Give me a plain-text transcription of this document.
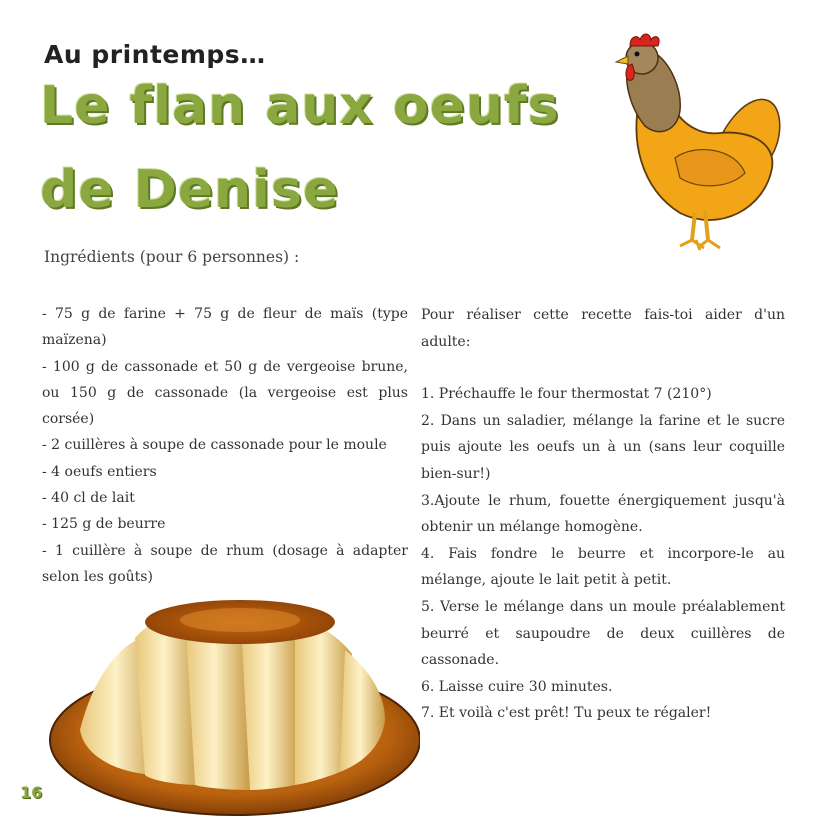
Au printemps…
Le flan aux oeufs
de Denise
Ingrédients (pour 6 personnes) :
- 75 g de farine + 75 g de fleur de maïs (type maïzena)
- 100 g de cassonade et 50 g de vergeoise brune, ou 150 g de cassonade (la vergeoise est plus corsée)
- 2 cuillères à soupe de cassonade pour le moule
- 4 oeufs entiers
- 40 cl de lait
- 125 g de beurre
- 1 cuillère à soupe de rhum (dosage à adapter selon les goûts)

Pour réaliser cette recette fais-toi aider d'un adulte:

1. Préchauffe le four thermostat 7 (210°)

2. Dans un saladier, mélange la farine et le sucre puis ajoute les oeufs un à un (sans leur coquille bien-sur!)

3.Ajoute le rhum, fouette énergiquement jusqu'à obtenir un mélange homogène.

4. Fais fondre le beurre et incorpore-le au mélange, ajoute le lait petit à petit.

5. Verse le mélange dans un moule préalablement beurré et saupoudre de deux cuillères de cassonade.

6. Laisse cuire 30 minutes.

7. Et voilà c'est prêt! Tu peux te régaler!

16
